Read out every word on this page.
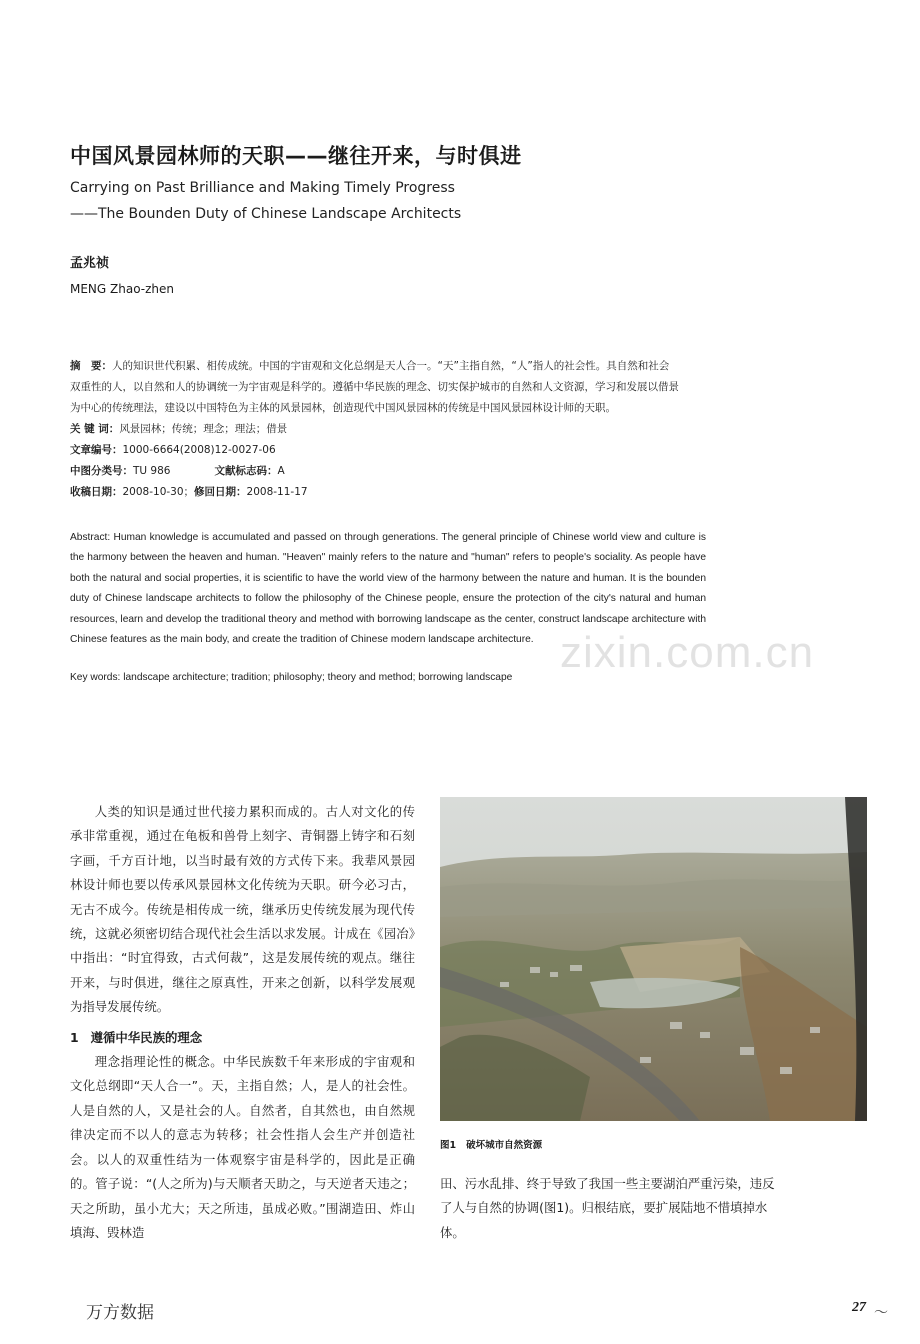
中国风景园林师的天职——继往开来，与时俱进
Carrying on Past Brilliance and Making Timely Progress
——The Bounden Duty of Chinese Landscape Architects
孟兆祯
MENG Zhao-zhen
摘　要：人的知识世代积累、相传成统。中国的宇宙观和文化总纲是天人合一。“天”主指自然，“人”指人的社会性。具自然和社会
双重性的人，以自然和人的协调统一为宇宙观是科学的。遵循中华民族的理念、切实保护城市的自然和人文资源，学习和发展以借景
为中心的传统理法，建设以中国特色为主体的风景园林，创造现代中国风景园林的传统是中国风景园林设计师的天职。
关 键 词：风景园林；传统；理念；理法；借景
文章编号：1000-6664(2008)12-0027-06
中图分类号：TU 986	文献标志码：A
收稿日期：2008-10-30；修回日期：2008-11-17
Abstract: Human knowledge is accumulated and passed on through generations. The general principle of Chinese world view and culture is the harmony between the heaven and human. "Heaven" mainly refers to the nature and "human" refers to people's sociality. As people have both the natural and social properties, it is scientific to have the world view of the harmony between the nature and human. It is the bounden duty of Chinese landscape architects to follow the philosophy of the Chinese people, ensure the protection of the city's natural and human resources, learn and develop the traditional theory and method with borrowing landscape as the center, construct landscape architecture with Chinese features as the main body, and create the tradition of Chinese modern landscape architecture.
Key words: landscape architecture; tradition; philosophy; theory and method; borrowing landscape
zixin.com.cn

人类的知识是通过世代接力累积而成的。古人对文化的传承非常重视，通过在龟板和兽骨上刻字、青铜器上铸字和石刻字画，千方百计地，以当时最有效的方式传下来。我辈风景园林设计师也要以传承风景园林文化传统为天职。研今必习古，无古不成今。传统是相传成一统，继承历史传统发展为现代传统，这就必须密切结合现代社会生活以求发展。计成在《园冶》中指出：“时宜得致，古式何裁”，这是发展传统的观点。继往开来，与时俱进，继往之原真性，开来之创新，以科学发展观为指导发展传统。

1 遵循中华民族的理念

理念指理论性的概念。中华民族数千年来形成的宇宙观和文化总纲即“天人合一”。天，主指自然；人，是人的社会性。人是自然的人，又是社会的人。自然者，自其然也，由自然规律决定而不以人的意志为转移；社会性指人会生产并创造社会。以人的双重性结为一体观察宇宙是科学的，因此是正确的。管子说：“(人之所为)与天顺者天助之，与天逆者天违之；天之所助，虽小尤大；天之所违，虽成必败。”围湖造田、炸山填海、毁林造

图1 破坏城市自然资源

田、污水乱排、终于导致了我国一些主要湖泊严重污染，违反了人与自然的协调(图1)。归根结底，要扩展陆地不惜填掉水体。

万方数据	27 ～
